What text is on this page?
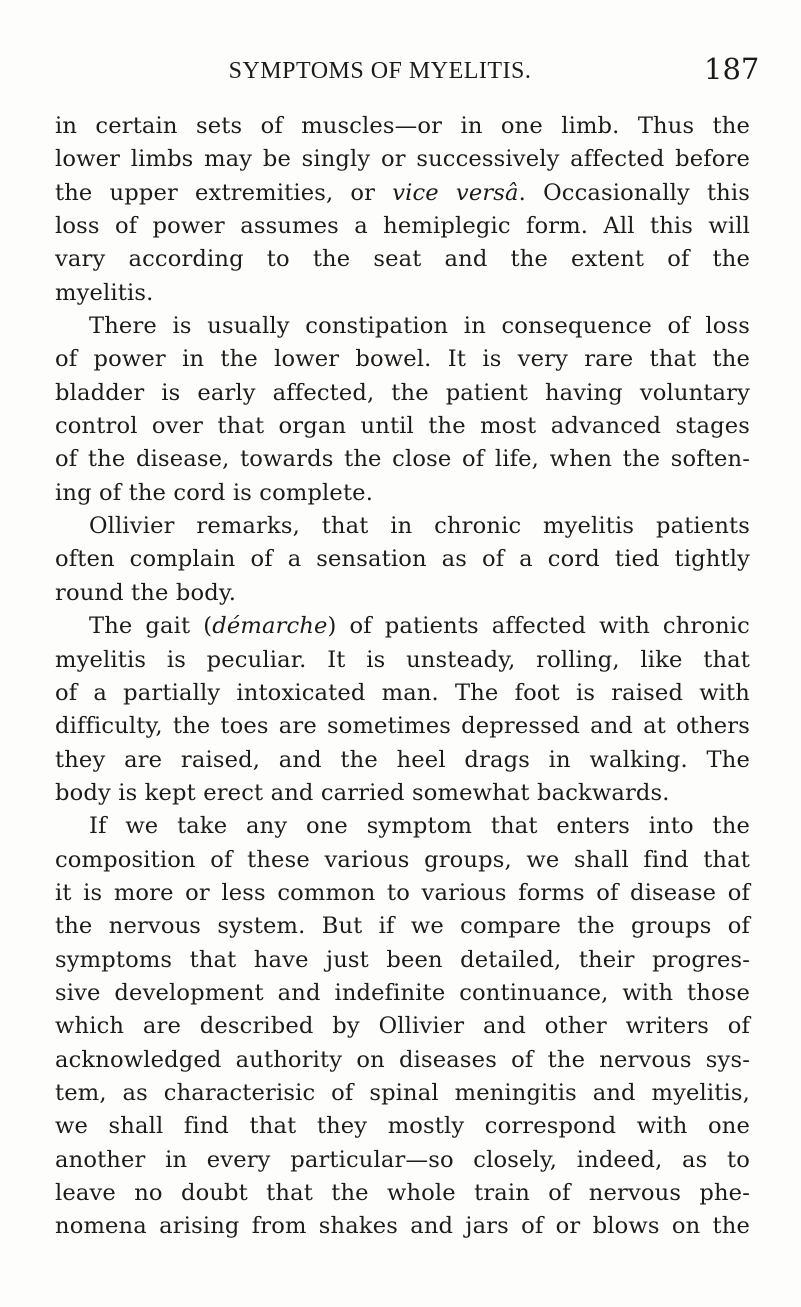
SYMPTOMS OF MYELITIS.	187
in certain sets of muscles—or in one limb. Thus the
lower limbs may be singly or successively affected before
the upper extremities, or vice versâ. Occasionally this
loss of power assumes a hemiplegic form. All this will
vary according to the seat and the extent of the
myelitis.
There is usually constipation in consequence of loss
of power in the lower bowel. It is very rare that the
bladder is early affected, the patient having voluntary
control over that organ until the most advanced stages
of the disease, towards the close of life, when the soften-
ing of the cord is complete.
Ollivier remarks, that in chronic myelitis patients
often complain of a sensation as of a cord tied tightly
round the body.
The gait (démarche) of patients affected with chronic
myelitis is peculiar. It is unsteady, rolling, like that
of a partially intoxicated man. The foot is raised with
difficulty, the toes are sometimes depressed and at others
they are raised, and the heel drags in walking. The
body is kept erect and carried somewhat backwards.
If we take any one symptom that enters into the
composition of these various groups, we shall find that
it is more or less common to various forms of disease of
the nervous system. But if we compare the groups of
symptoms that have just been detailed, their progres-
sive development and indefinite continuance, with those
which are described by Ollivier and other writers of
acknowledged authority on diseases of the nervous sys-
tem, as characterisic of spinal meningitis and myelitis,
we shall find that they mostly correspond with one
another in every particular—so closely, indeed, as to
leave no doubt that the whole train of nervous phe-
nomena arising from shakes and jars of or blows on the
